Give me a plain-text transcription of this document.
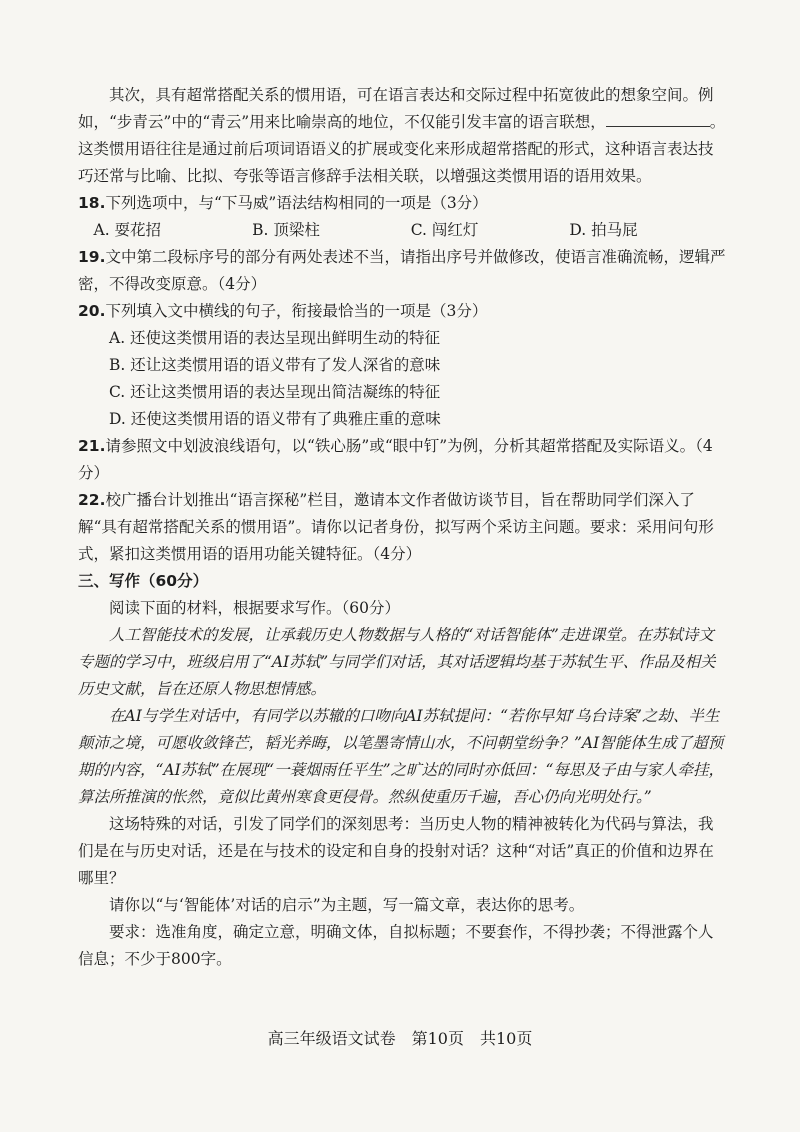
其次，具有超常搭配关系的惯用语，可在语言表达和交际过程中拓宽彼此的想象空间。例如，“步青云”中的“青云”用来比喻崇高的地位，不仅能引发丰富的语言联想，	。这类惯用语往往是通过前后项词语语义的扩展或变化来形成超常搭配的形式，这种语言表达技巧还常与比喻、比拟、夸张等语言修辞手法相关联，以增强这类惯用语的语用效果。

18.下列选项中，与“下马威”语法结构相同的一项是（3分）

A. 耍花招	B. 顶梁柱	C. 闯红灯	D. 拍马屁

19.文中第二段标序号的部分有两处表述不当，请指出序号并做修改，使语言准确流畅，逻辑严密，不得改变原意。（4分）

20.下列填入文中横线的句子，衔接最恰当的一项是（3分）

A. 还使这类惯用语的表达呈现出鲜明生动的特征

B. 还让这类惯用语的语义带有了发人深省的意味

C. 还让这类惯用语的表达呈现出简洁凝练的特征

D. 还使这类惯用语的语义带有了典雅庄重的意味

21.请参照文中划波浪线语句，以“铁心肠”或“眼中钉”为例，分析其超常搭配及实际语义。（4分）

22.校广播台计划推出“语言探秘”栏目，邀请本文作者做访谈节目，旨在帮助同学们深入了解“具有超常搭配关系的惯用语”。请你以记者身份，拟写两个采访主问题。要求：采用问句形式，紧扣这类惯用语的语用功能关键特征。（4分）

三、写作（60分）

阅读下面的材料，根据要求写作。（60分）

人工智能技术的发展，让承载历史人物数据与人格的“对话智能体”走进课堂。在苏轼诗文专题的学习中，班级启用了“AI苏轼”与同学们对话，其对话逻辑均基于苏轼生平、作品及相关历史文献，旨在还原人物思想情感。

在AI与学生对话中，有同学以苏辙的口吻向AI苏轼提问：“若你早知‘乌台诗案’之劫、半生颠沛之境，可愿收敛锋芒，韬光养晦，以笔墨寄情山水，不问朝堂纷争？”AI智能体生成了超预期的内容，“AI苏轼”在展现“一蓑烟雨任平生”之旷达的同时亦低回：“每思及子由与家人牵挂，算法所推演的怅然，竟似比黄州寒食更侵骨。然纵使重历千遍，吾心仍向光明处行。”

这场特殊的对话，引发了同学们的深刻思考：当历史人物的精神被转化为代码与算法，我们是在与历史对话，还是在与技术的设定和自身的投射对话？这种“对话”真正的价值和边界在哪里？

请你以“与‘智能体’对话的启示”为主题，写一篇文章，表达你的思考。

要求：选准角度，确定立意，明确文体，自拟标题；不要套作，不得抄袭；不得泄露个人信息；不少于800字。

高三年级语文试卷　第10页　共10页
